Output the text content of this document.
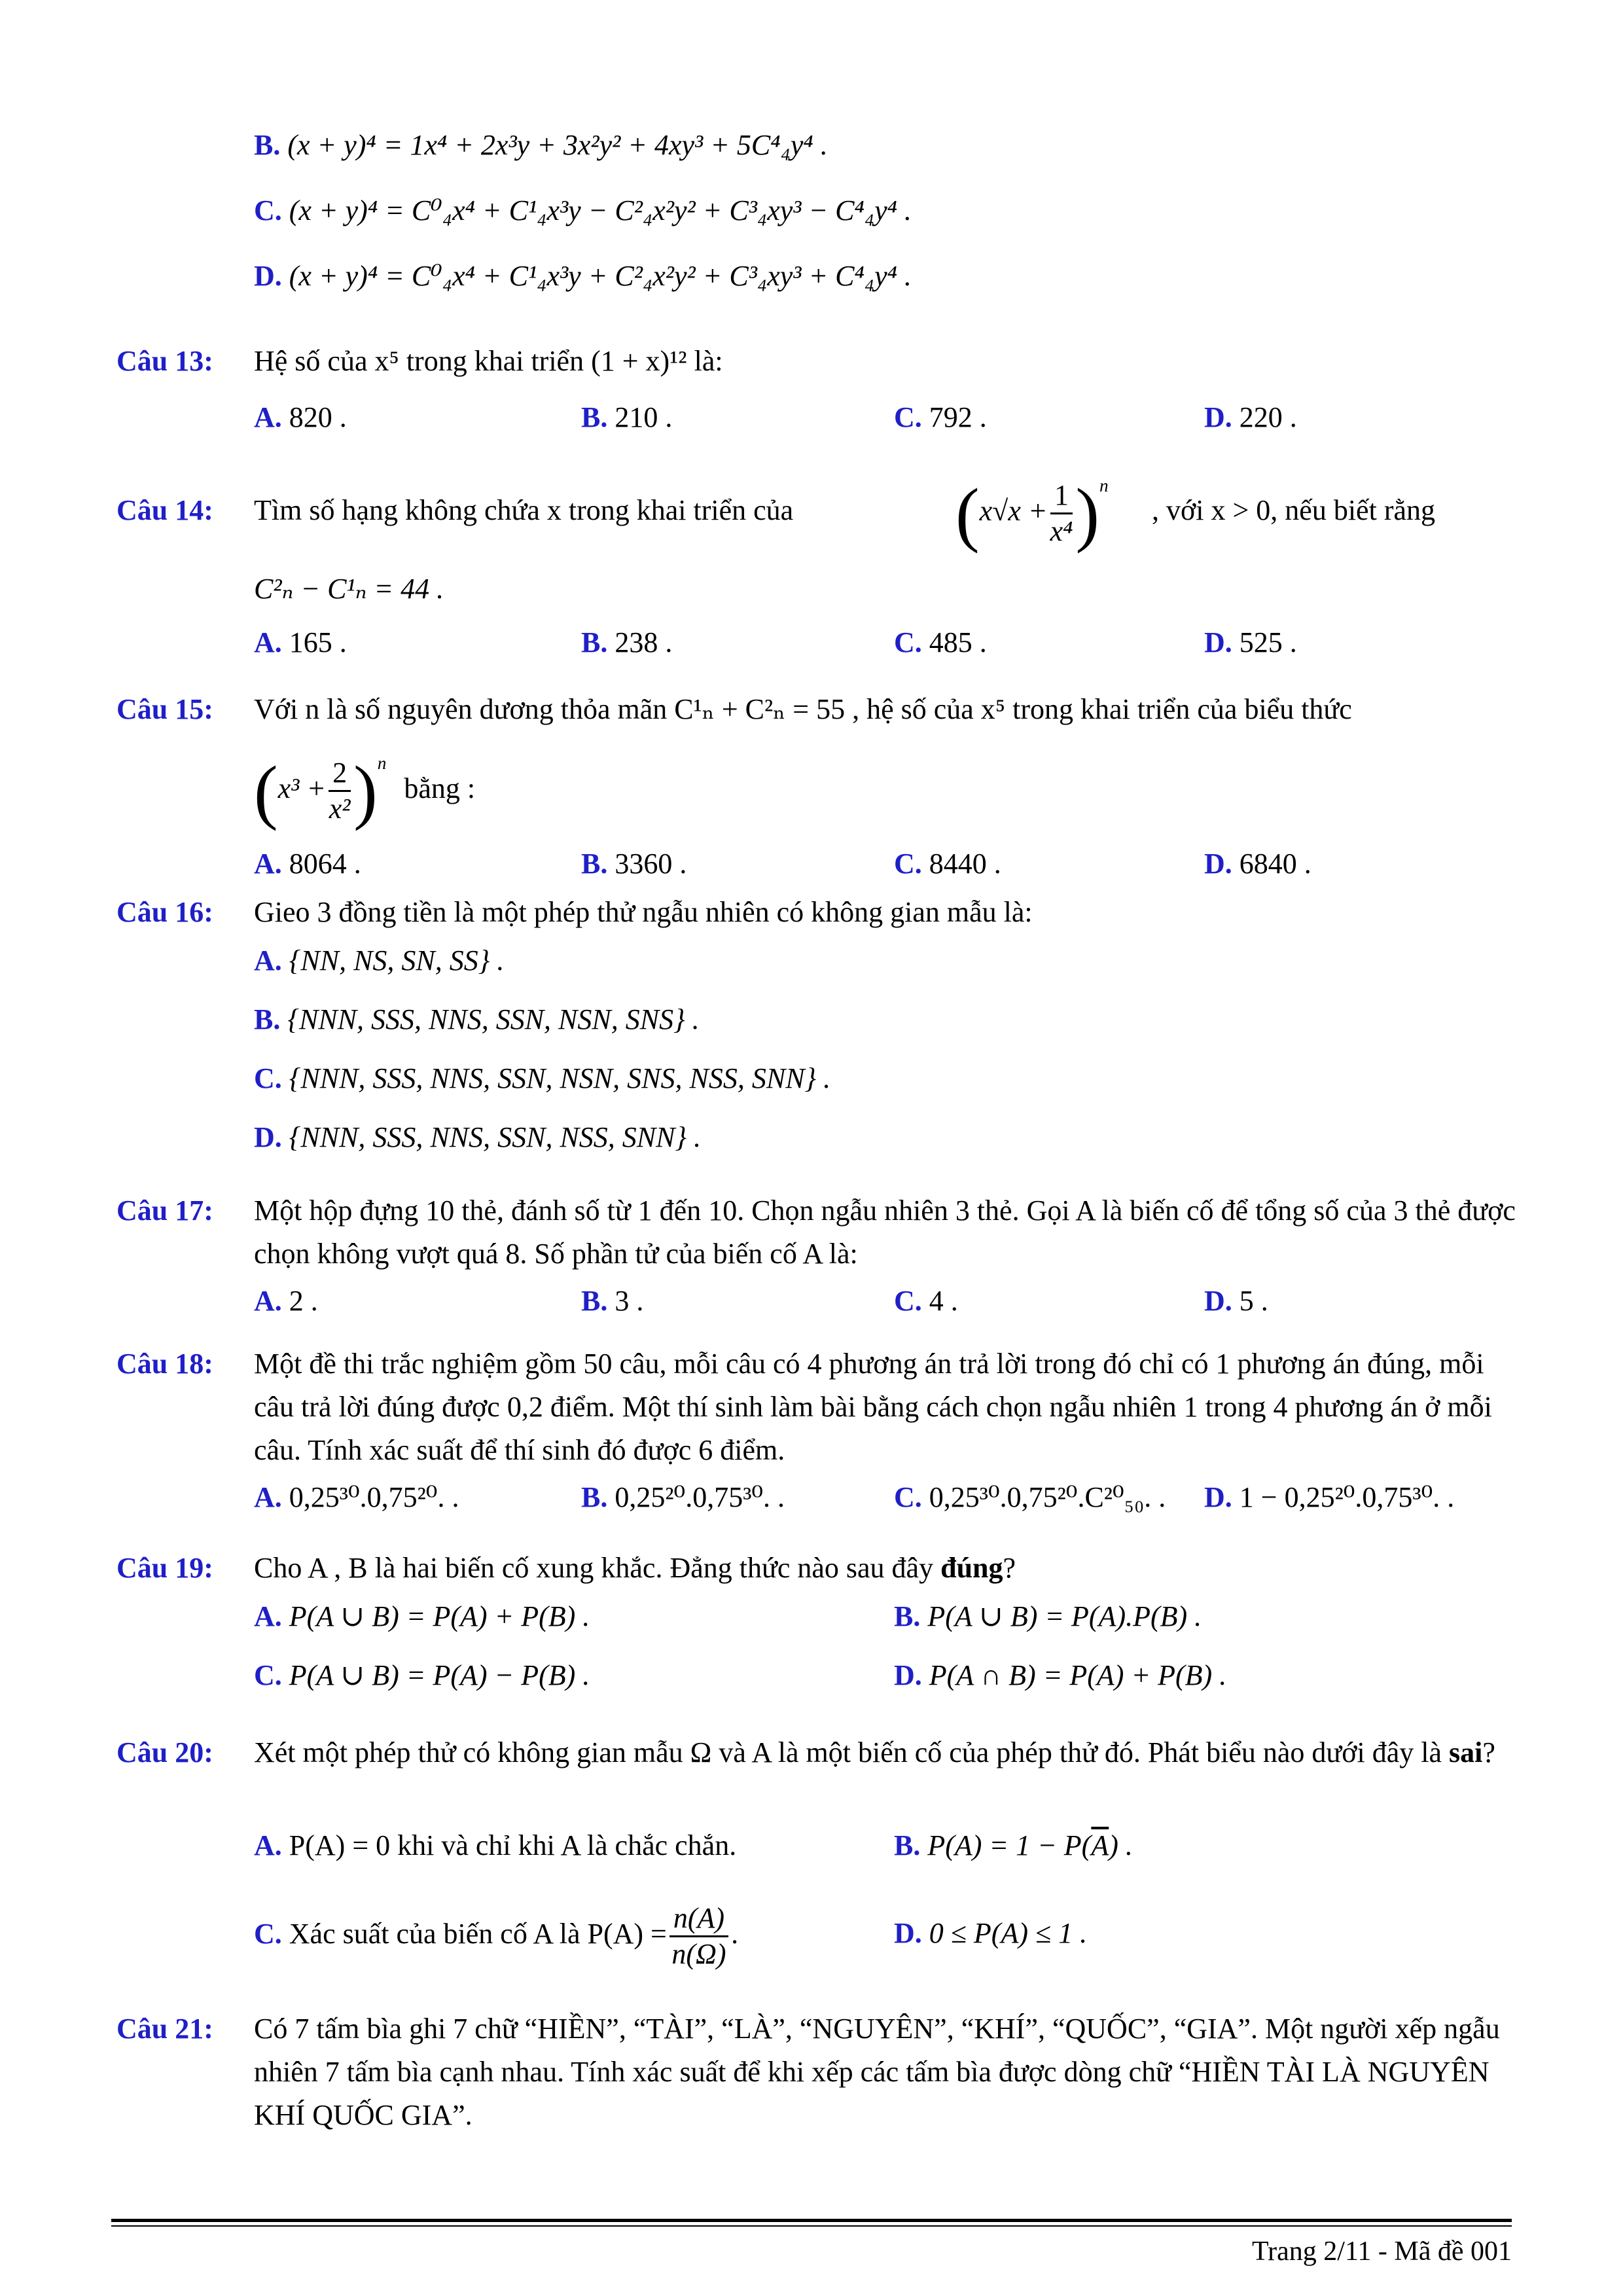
B. (x + y)⁴ = 1x⁴ + 2x³y + 3x²y² + 4xy³ + 5C⁴₄y⁴ .
C. (x + y)⁴ = C⁰₄x⁴ + C¹₄x³y − C²₄x²y² + C³₄xy³ − C⁴₄y⁴ .
D. (x + y)⁴ = C⁰₄x⁴ + C¹₄x³y + C²₄x²y² + C³₄xy³ + C⁴₄y⁴ .
Câu 13: Hệ số của x⁵ trong khai triển (1 + x)¹² là:
A. 820 .	B. 210 .	C. 792 .	D. 220 .
Câu 14: Tìm số hạng không chứa x trong khai triển của $(x√x + \frac{1}{\text{x⁴}} )^n$
, với x > 0, nếu biết rằng
C²ₙ − C¹ₙ = 44 .
A. 165 .	B. 238 .	C. 485 .	D. 525 .
Câu 15: Với n là số nguyên dương thỏa mãn C¹ₙ + C²ₙ = 55 , hệ số của x⁵ trong khai triển của biểu thức
$(x^3 + \frac{2}{\text{x²}} )^n$ bằng :
A. 8064 .	B. 3360 .	C. 8440 .	D. 6840 .
Câu 16: Gieo 3 đồng tiền là một phép thử ngẫu nhiên có không gian mẫu là:
A. {NN, NS, SN, SS} .
B. {NNN, SSS, NNS, SSN, NSN, SNS} .
C. {NNN, SSS, NNS, SSN, NSN, SNS, NSS, SNN} .
D. {NNN, SSS, NNS, SSN, NSS, SNN} .
Câu 17: Một hộp đựng 10 thẻ, đánh số từ 1 đến 10. Chọn ngẫu nhiên 3 thẻ. Gọi A là biến cố để tổng số của 3 thẻ được chọn không vượt quá 8. Số phần tử của biến cố A là:
A. 2 .	B. 3 .	C. 4 .	D. 5 .
Câu 18: Một đề thi trắc nghiệm gồm 50 câu, mỗi câu có 4 phương án trả lời trong đó chỉ có 1 phương án đúng, mỗi câu trả lời đúng được 0,2 điểm. Một thí sinh làm bài bằng cách chọn ngẫu nhiên 1 trong 4 phương án ở mỗi câu. Tính xác suất để thí sinh đó được 6 điểm.
A. 0,25³⁰.0,75²⁰. .	B. 0,25²⁰.0,75³⁰. .	C. 0,25³⁰.0,75²⁰.C²⁰₅₀. . D. 1 − 0,25²⁰.0,75³⁰. .
Câu 19: Cho A , B là hai biến cố xung khắc. Đẳng thức nào sau đây đúng?
A. P(A ∪ B) = P(A) + P(B) .	B. P(A ∪ B) = P(A).P(B) .
C. P(A ∪ B) = P(A) − P(B) .	D. P(A ∩ B) = P(A) + P(B) .
Câu 20: Xét một phép thử có không gian mẫu Ω và A là một biến cố của phép thử đó. Phát biểu nào dưới đây là sai?
A. P(A) = 0 khi và chỉ khi A là chắc chắn.	B. $P(A) = 1 - P(\overline{A})$ .
C. Xác suất của biến cố A là $P(A) = \frac{n(A)}{n(\Omega)}$ .	D. 0 ≤ P(A) ≤ 1 .
Câu 21: Có 7 tấm bìa ghi 7 chữ “HIỀN”, “TÀI”, “LÀ”, “NGUYÊN”, “KHÍ”, “QUỐC”, “GIA”. Một người xếp ngẫu nhiên 7 tấm bìa cạnh nhau. Tính xác suất để khi xếp các tấm bìa được dòng chữ “HIỀN TÀI LÀ NGUYÊN KHÍ QUỐC GIA”.
Trang 2/11 - Mã đề 001
